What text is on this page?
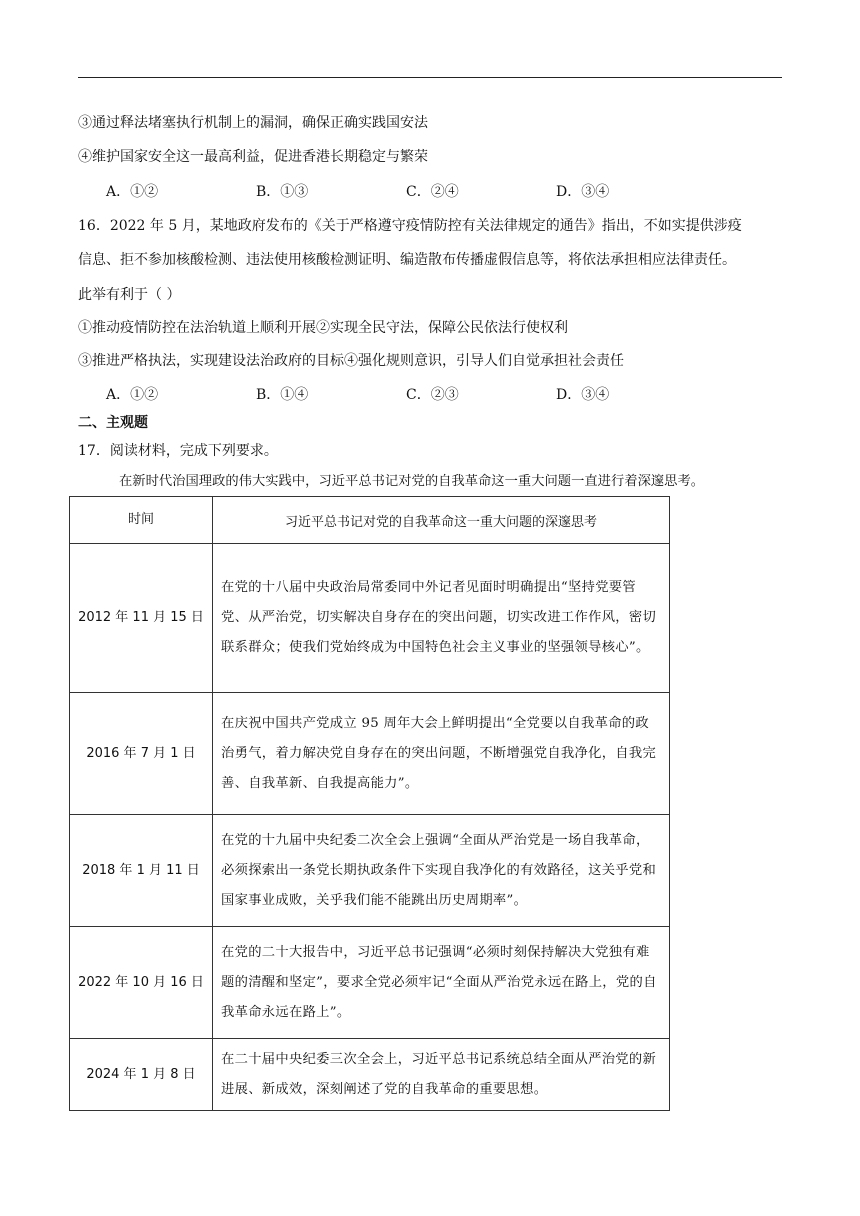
③通过释法堵塞执行机制上的漏洞，确保正确实践国安法
④维护国家安全这一最高利益，促进香港长期稳定与繁荣
A．①②	B．①③	C．②④	D．③④
16．2022 年 5 月，某地政府发布的《关于严格遵守疫情防控有关法律规定的通告》指出，不如实提供涉疫
信息、拒不参加核酸检测、违法使用核酸检测证明、编造散布传播虚假信息等，将依法承担相应法律责任。
此举有利于（ ）
①推动疫情防控在法治轨道上顺利开展②实现全民守法，保障公民依法行使权利
③推进严格执法，实现建设法治政府的目标④强化规则意识，引导人们自觉承担社会责任
A．①②	B．①④	C．②③	D．③④
二、主观题
17．阅读材料，完成下列要求。
在新时代治国理政的伟大实践中，习近平总书记对党的自我革命这一重大问题一直进行着深邃思考。
时间	习近平总书记对党的自我革命这一重大问题的深邃思考
2012 年 11 月 15 日	在党的十八届中央政治局常委同中外记者见面时明确提出“坚持党要管党、从严治党，切实解决自身存在的突出问题，切实改进工作作风，密切联系群众；使我们党始终成为中国特色社会主义事业的坚强领导核心”。
2016 年 7 月 1 日	在庆祝中国共产党成立 95 周年大会上鲜明提出“全党要以自我革命的政治勇气，着力解决党自身存在的突出问题，不断增强党自我净化，自我完善、自我革新、自我提高能力”。
2018 年 1 月 11 日	在党的十九届中央纪委二次全会上强调“全面从严治党是一场自我革命，必须探索出一条党长期执政条件下实现自我净化的有效路径，这关乎党和国家事业成败，关乎我们能不能跳出历史周期率”。
2022 年 10 月 16 日	在党的二十大报告中，习近平总书记强调“必须时刻保持解决大党独有难题的清醒和坚定”，要求全党必须牢记“全面从严治党永远在路上，党的自我革命永远在路上”。
2024 年 1 月 8 日	在二十届中央纪委三次全会上，习近平总书记系统总结全面从严治党的新进展、新成效，深刻阐述了党的自我革命的重要思想。
